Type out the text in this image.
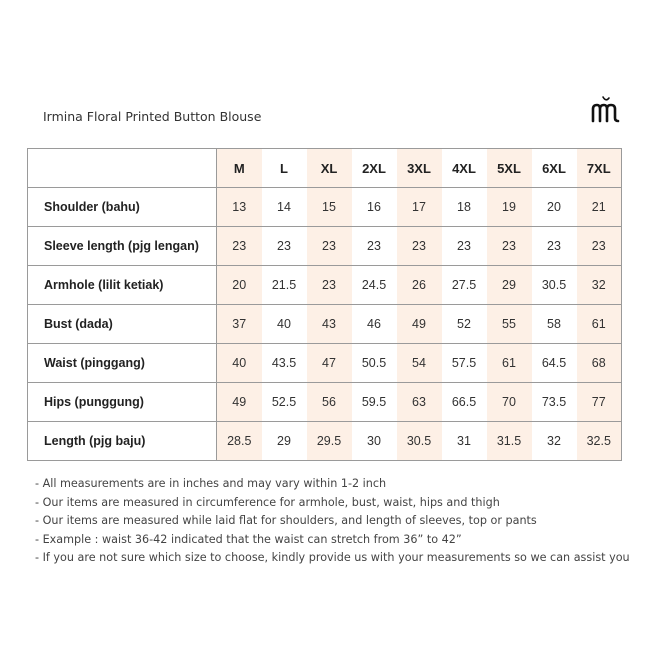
Irmina Floral Printed Button Blouse
	M	L	XL	2XL	3XL	4XL	5XL	6XL	7XL
Shoulder (bahu)	13	14	15	16	17	18	19	20	21
Sleeve length (pjg lengan)	23	23	23	23	23	23	23	23	23
Armhole (lilit ketiak)	20	21.5	23	24.5	26	27.5	29	30.5	32
Bust (dada)	37	40	43	46	49	52	55	58	61
Waist (pinggang)	40	43.5	47	50.5	54	57.5	61	64.5	68
Hips (punggung)	49	52.5	56	59.5	63	66.5	70	73.5	77
Length (pjg baju)	28.5	29	29.5	30	30.5	31	31.5	32	32.5
- All measurements are in inches and may vary within 1-2 inch
- Our items are measured in circumference for armhole, bust, waist, hips and thigh
- Our items are measured while laid flat for shoulders, and length of sleeves, top or pants
- Example : waist 36-42 indicated that the waist can stretch from 36” to 42”
- If you are not sure which size to choose, kindly provide us with your measurements so we can assist you
